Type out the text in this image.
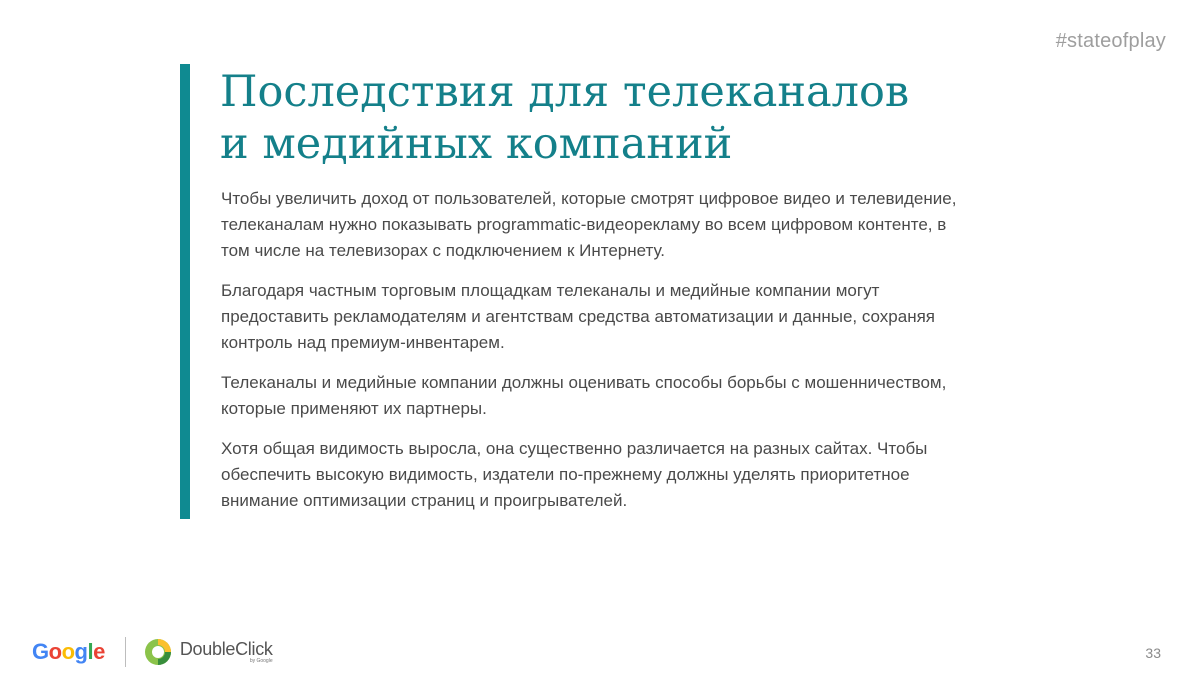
#stateofplay
Последствия для телеканалов
и медийных компаний

Чтобы увеличить доход от пользователей, которые смотрят цифровое видео и телевидение, телеканалам нужно показывать programmatic-видеорекламу во всем цифровом контенте, в том числе на телевизорах с подключением к Интернету.

Благодаря частным торговым площадкам телеканалы и медийные компании могут предоставить рекламодателям и агентствам средства автоматизации и данные, сохраняя контроль над премиум-инвентарем.

Телеканалы и медийные компании должны оценивать способы борьбы с мошенничеством, которые применяют их партнеры.

Хотя общая видимость выросла, она существенно различается на разных сайтах. Чтобы обеспечить высокую видимость, издатели по-прежнему должны уделять приоритетное внимание оптимизации страниц и проигрывателей.

Google	DoubleClick
by Google	33
